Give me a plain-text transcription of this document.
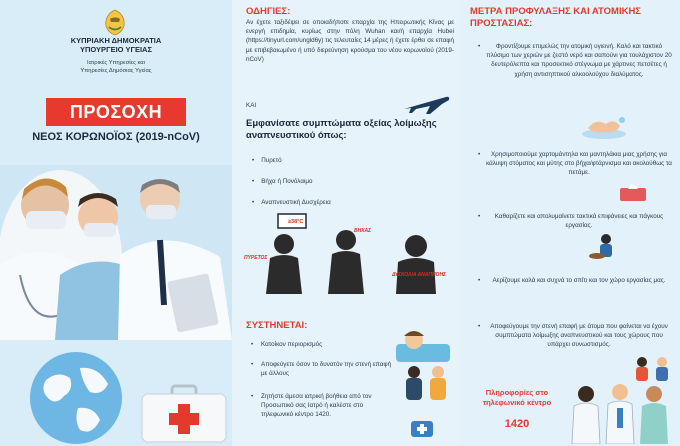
ΚΥΠΡΙΑΚΗ ΔΗΜΟΚΡΑΤΙΑ
ΥΠΟΥΡΓΕΙΟ ΥΓΕΙΑΣ
Ιατρικές Υπηρεσίες και
Υπηρεσίες Δημόσιας Υγείας
ΠΡΟΣΟΧΗ
ΝΕΟΣ ΚΟΡΩΝΟΪΟΣ (2019-nCoV)
ΟΔΗΓΙΕΣ:
Αν έχετε ταξιδέψει σε οποιαδήποτε επαρχία της Ηπειρωτικής Κίνας με ενεργή επιδημία, κυρίως στην πόλη Wuhan και/ή επαρχία Hubei (https://tinyurl.com/ungld6y) τις τελευταίες 14 μέρες ή έχετε έρθει σε επαφή με επιβεβαιωμένο ή υπό διερεύνηση κρούσμα του νέου κορωνοϊού (2019-nCoV)
ΚΑΙ
Εμφανίσατε συμπτώματα οξείας λοίμωξης αναπνευστικού όπως:
• Πυρετό
• Βήχα ή Πονόλαιμο
• Αναπνευστική Δυσχέρεια
≥38°C
ΠΥΡΕΤΟΣ
ΒΗΧΑΣ
ΔΥΣΚΟΛΙΑ ΑΝΑΠΝΟΗΣ
ΣΥΣΤΗΝΕΤΑΙ:
• Κατοίκον περιορισμός
• Αποφεύγετε όσον το δυνατόν την στενή επαφή με άλλους
• Ζητήστε άμεσα ιατρική βοήθεια από τον Προσωπικό σας Ιατρό ή καλέστε στο τηλεφωνικό κέντρο 1420.
ΜΕΤΡΑ ΠΡΟΦΥΛΑΞΗΣ ΚΑΙ ΑΤΟΜΙΚΗΣ ΠΡΟΣΤΑΣΙΑΣ:
• Φροντίζουμε επιμελώς την ατομική υγιεινή. Καλό και τακτικό πλύσιμο των χεριών με ζεστό νερό και σαπούνι για τουλάχιστον 20 δευτερόλεπτα και προσεκτικό στέγνωμα με χάρτινες πετσέτες ή χρήση αντισηπτικού αλκοολούχου διαλύματος.
• Χρησιμοποιούμε χαρτομάντηλα και μαντηλάκια μιας χρήσης για κάλυψη στόματος και μύτης στο βήχα/φτάρνισμα και ακολούθως τα πετάμε.
• Καθαρίζετε και απολυμαίνετε τακτικά επιφάνειες και πάγκους εργασίας.
• Αερίζουμε καλά και συχνά το σπίτι και τον χώρο εργασίας μας.
• Αποφεύγουμε την στενή επαφή με άτομα που φαίνεται να έχουν συμπτώματα λοίμωξης αναπνευστικού και τους χώρους που υπάρχει συνωστισμός.
Πληροφορίες στο τηλεφωνικό κέντρο
1420
